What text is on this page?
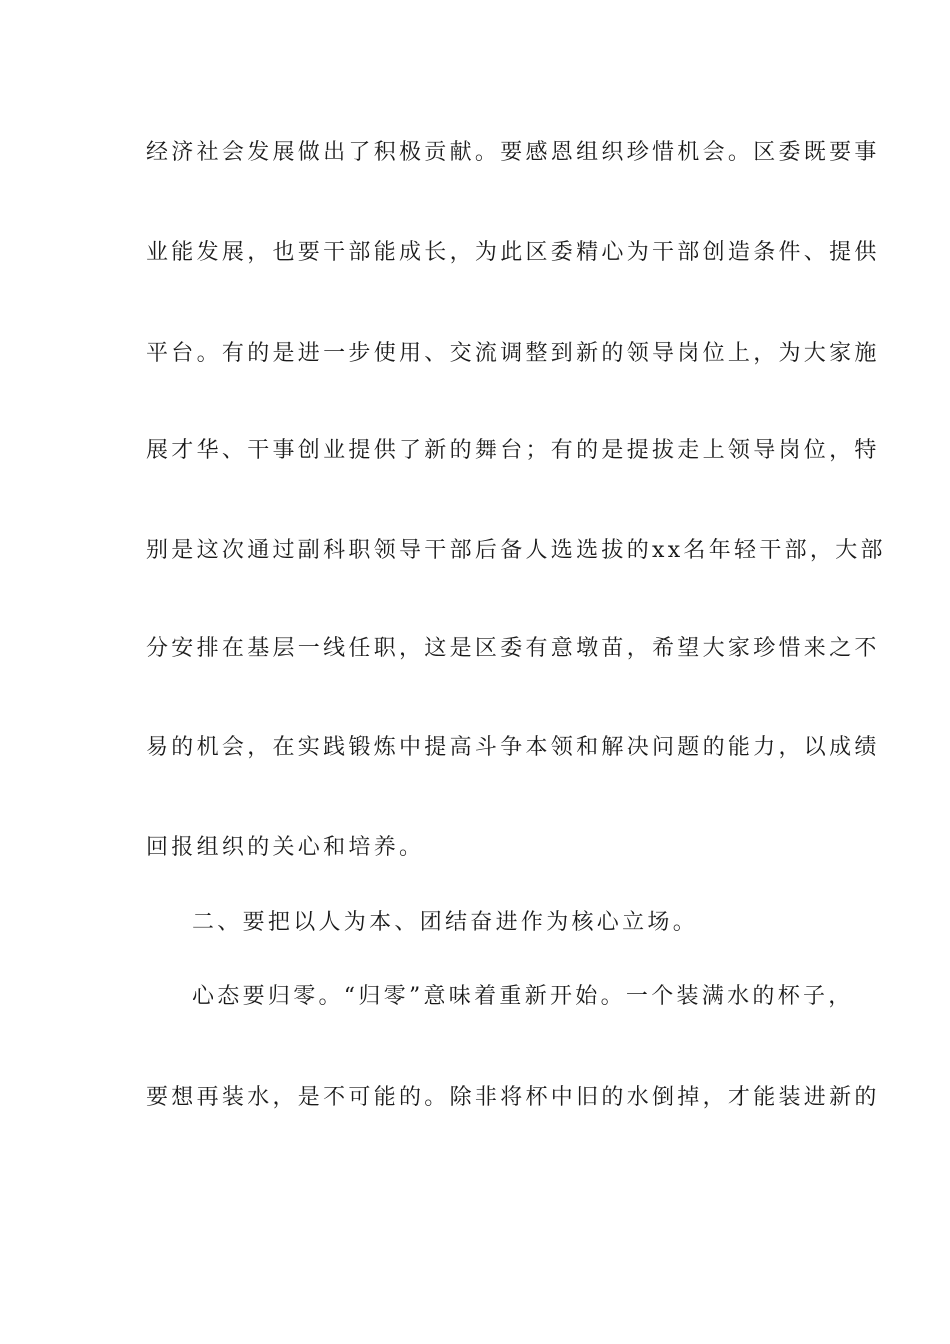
经济社会发展做出了积极贡献。要感恩组织珍惜机会。区委既要事
业能发展，也要干部能成长，为此区委精心为干部创造条件、提供
平台。有的是进一步使用、交流调整到新的领导岗位上，为大家施
展才华、干事创业提供了新的舞台；有的是提拔走上领导岗位，特
别是这次通过副科职领导干部后备人选选拔的xx名年轻干部，大部
分安排在基层一线任职，这是区委有意墩苗，希望大家珍惜来之不
易的机会，在实践锻炼中提高斗争本领和解决问题的能力，以成绩
回报组织的关心和培养。
二、要把以人为本、团结奋进作为核心立场。
心态要归零。“归零”意味着重新开始。一个装满水的杯子，
要想再装水，是不可能的。除非将杯中旧的水倒掉，才能装进新的
